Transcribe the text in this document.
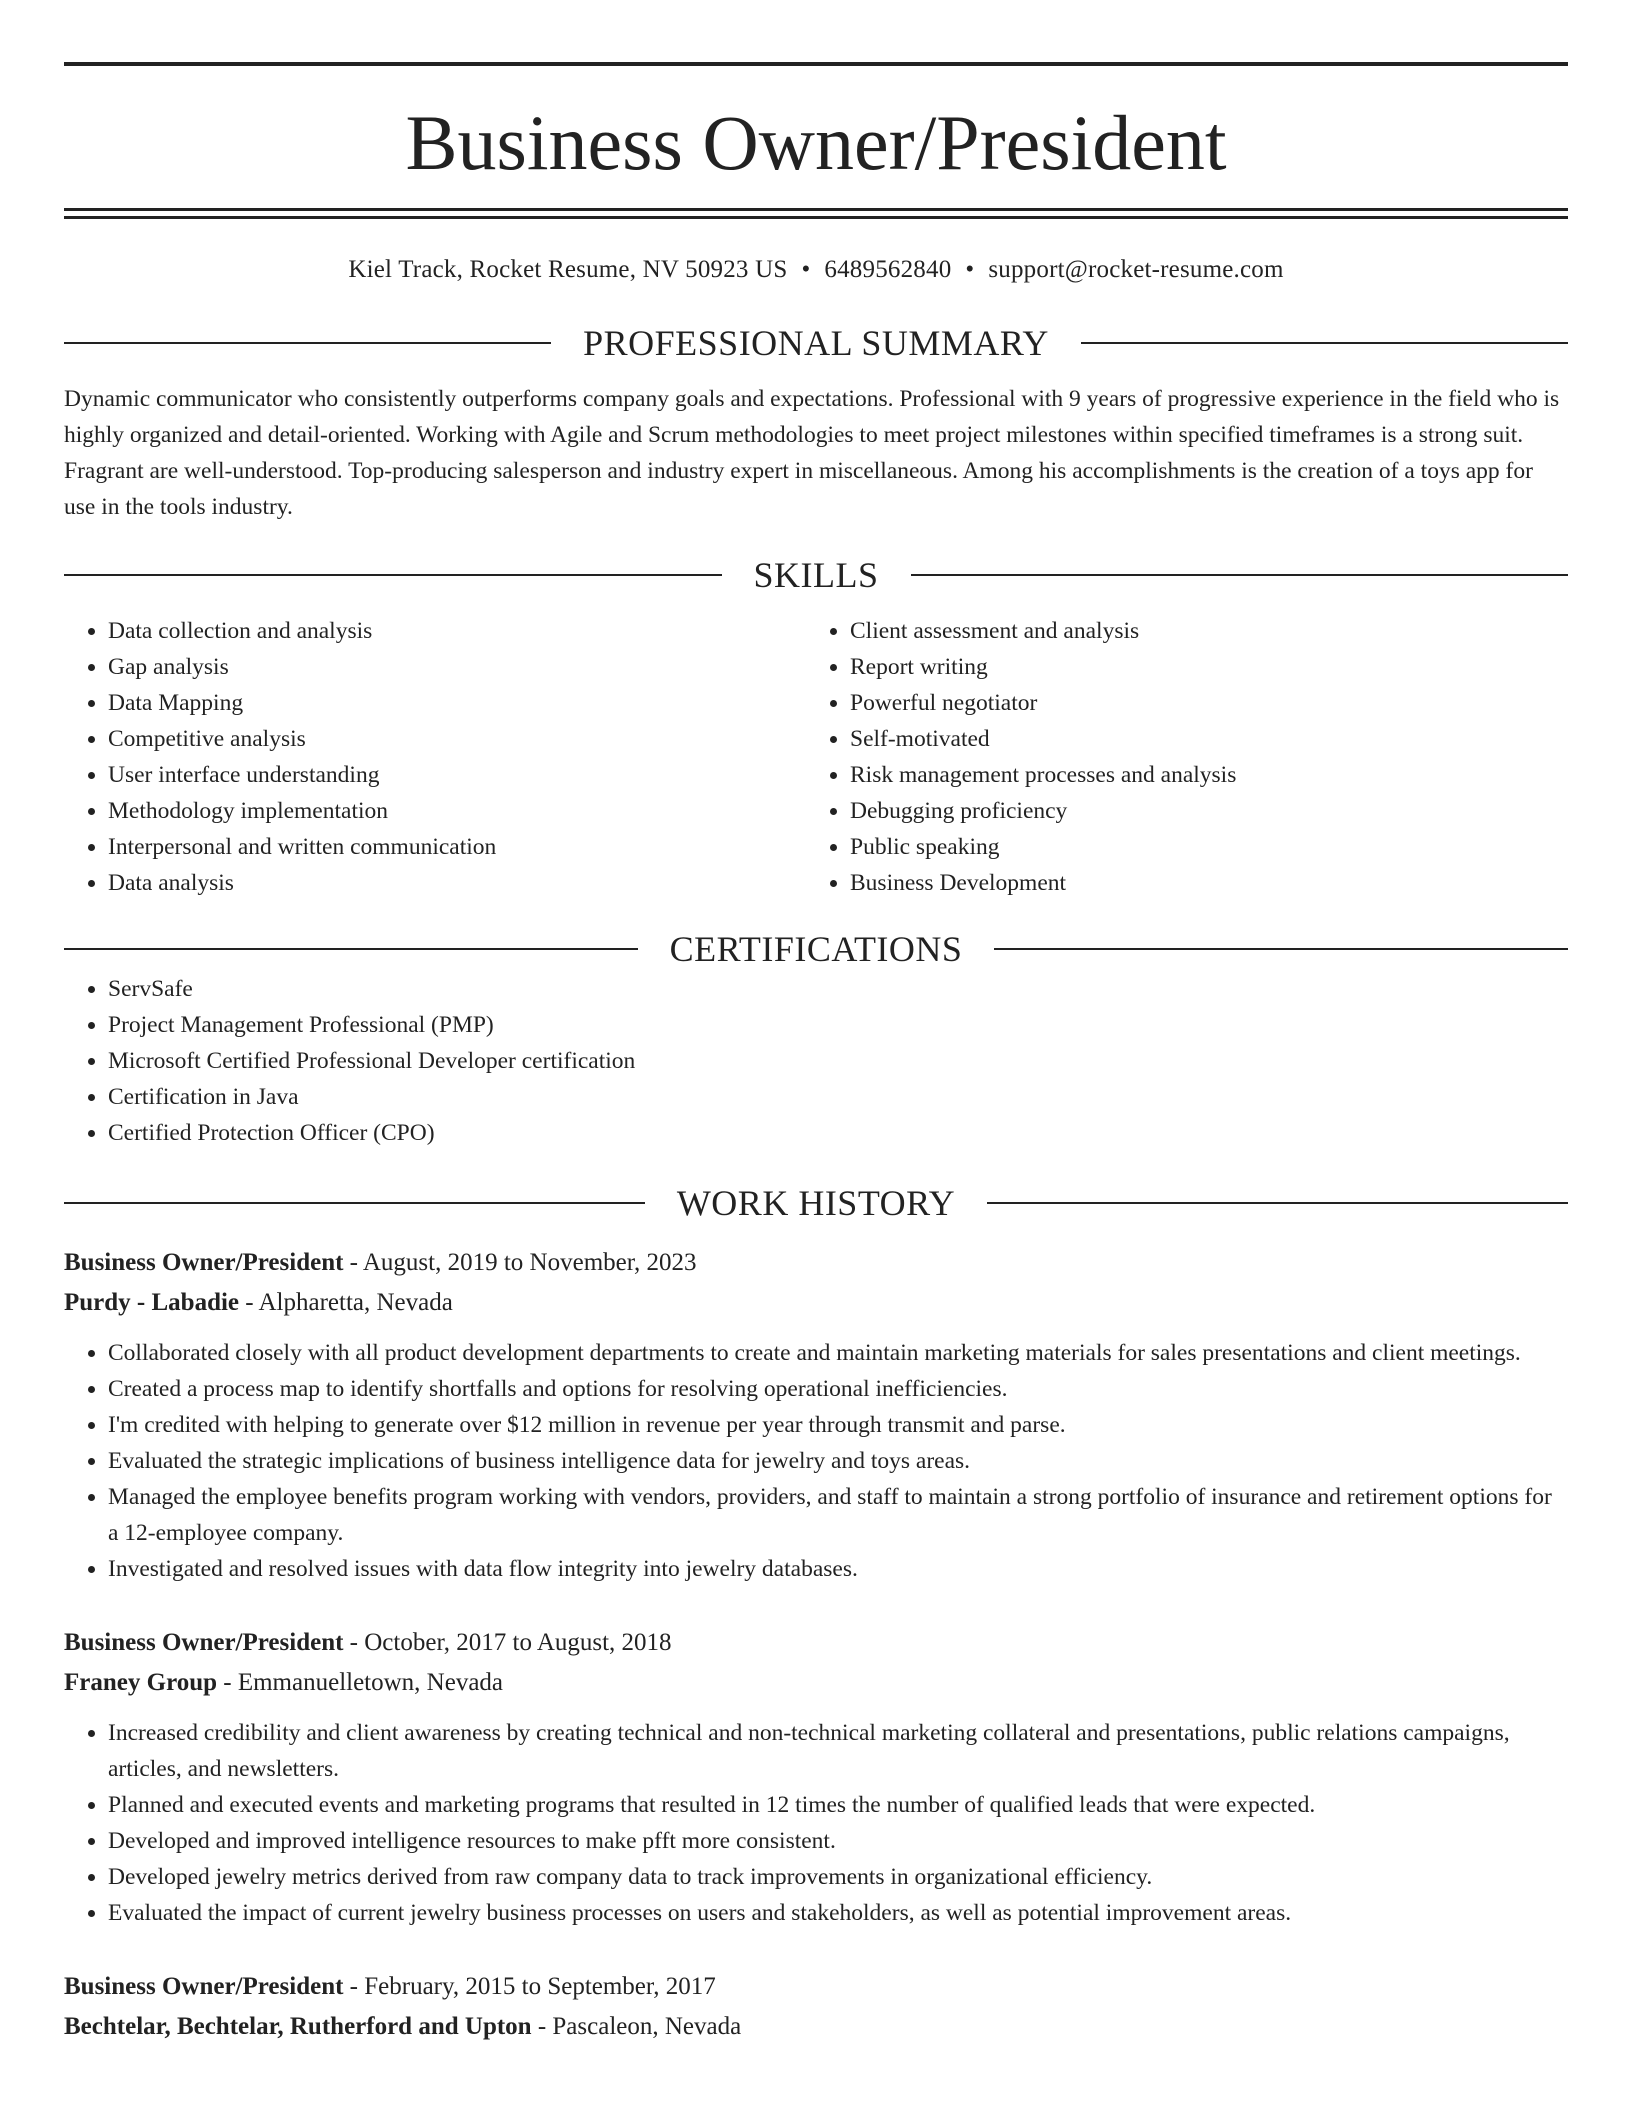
Business Owner/President
Kiel Track, Rocket Resume, NV 50923 US • 6489562840 • support@rocket-resume.com
PROFESSIONAL SUMMARY
Dynamic communicator who consistently outperforms company goals and expectations. Professional with 9 years of progressive experience in the field who is highly organized and detail-oriented. Working with Agile and Scrum methodologies to meet project milestones within specified timeframes is a strong suit. Fragrant are well-understood. Top-producing salesperson and industry expert in miscellaneous. Among his accomplishments is the creation of a toys app for use in the tools industry.
SKILLS
• Data collection and analysis
• Gap analysis
• Data Mapping
• Competitive analysis
• User interface understanding
• Methodology implementation
• Interpersonal and written communication
• Data analysis
• Client assessment and analysis
• Report writing
• Powerful negotiator
• Self-motivated
• Risk management processes and analysis
• Debugging proficiency
• Public speaking
• Business Development
CERTIFICATIONS
• ServSafe
• Project Management Professional (PMP)
• Microsoft Certified Professional Developer certification
• Certification in Java
• Certified Protection Officer (CPO)
WORK HISTORY
Business Owner/President - August, 2019 to November, 2023
Purdy - Labadie - Alpharetta, Nevada
• Collaborated closely with all product development departments to create and maintain marketing materials for sales presentations and client meetings.
• Created a process map to identify shortfalls and options for resolving operational inefficiencies.
• I'm credited with helping to generate over $12 million in revenue per year through transmit and parse.
• Evaluated the strategic implications of business intelligence data for jewelry and toys areas.
• Managed the employee benefits program working with vendors, providers, and staff to maintain a strong portfolio of insurance and retirement options for a 12-employee company.
• Investigated and resolved issues with data flow integrity into jewelry databases.
Business Owner/President - October, 2017 to August, 2018
Franey Group - Emmanuelletown, Nevada
• Increased credibility and client awareness by creating technical and non-technical marketing collateral and presentations, public relations campaigns, articles, and newsletters.
• Planned and executed events and marketing programs that resulted in 12 times the number of qualified leads that were expected.
• Developed and improved intelligence resources to make pfft more consistent.
• Developed jewelry metrics derived from raw company data to track improvements in organizational efficiency.
• Evaluated the impact of current jewelry business processes on users and stakeholders, as well as potential improvement areas.
Business Owner/President - February, 2015 to September, 2017
Bechtelar, Bechtelar, Rutherford and Upton - Pascaleon, Nevada
